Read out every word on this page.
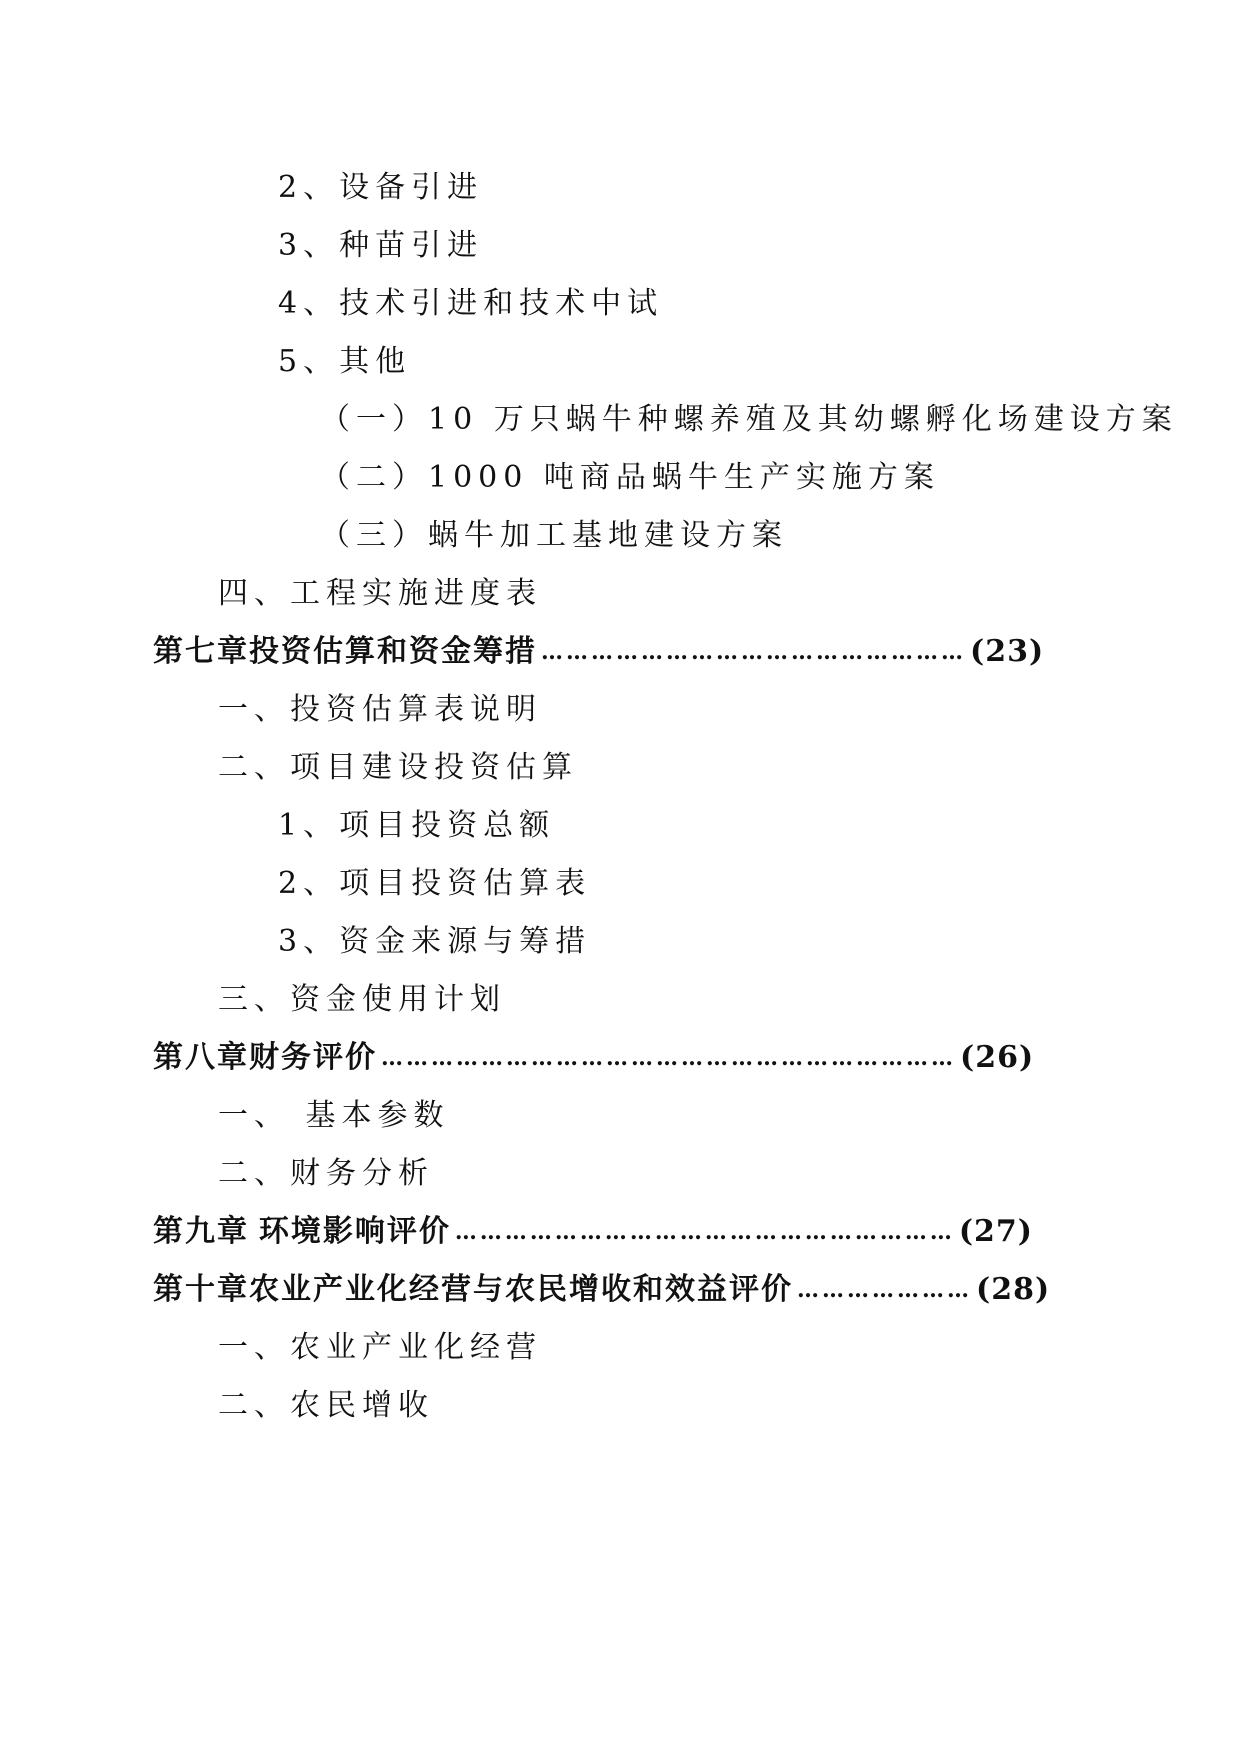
2、设备引进
3、种苗引进
4、技术引进和技术中试
5、其他
（一）10 万只蜗牛种螺养殖及其幼螺孵化场建设方案
（二）1000 吨商品蜗牛生产实施方案
（三）蜗牛加工基地建设方案
四、工程实施进度表
第七章 投资估算和资金筹措 …………………………………………… (23)
一、投资估算表说明
二、项目建设投资估算
1、项目投资总额
2、项目投资估算表
3、资金来源与筹措
三、资金使用计划
第八章 财务评价 …………………………………………………………… (26)
一、 基本参数
二、财务分析
第九章 环境影响评价 …………………………………………………… (27)
第十章 农业产业化经营与农民增收和效益评价 ………………… (28)
一、农业产业化经营
二、农民增收
